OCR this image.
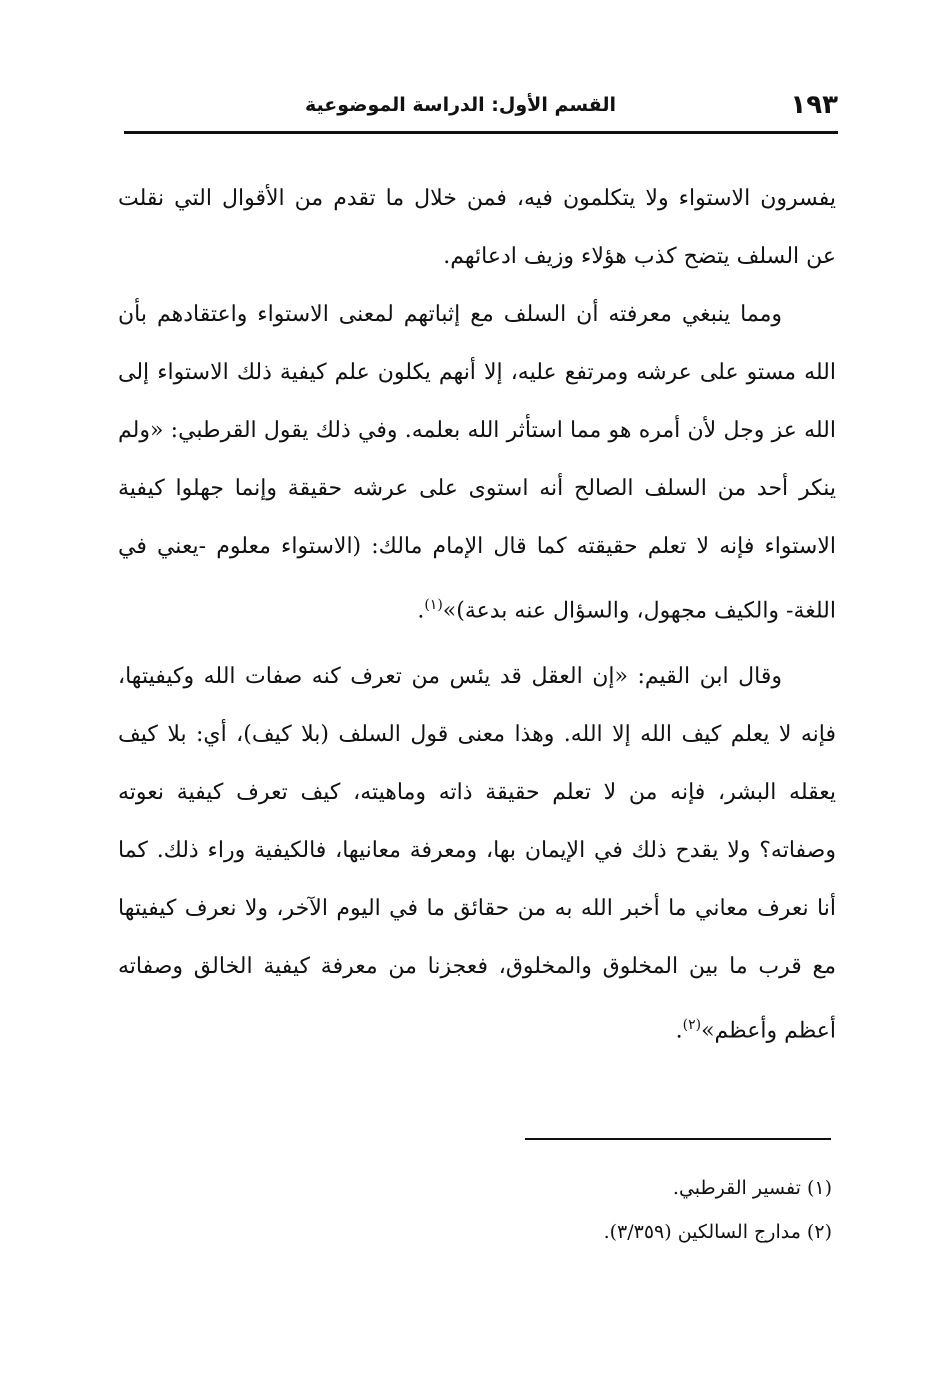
١٩٣
القسم الأول: الدراسة الموضوعية

يفسرون الاستواء ولا يتكلمون فيه، فمن خلال ما تقدم من الأقوال التي نقلت عن السلف يتضح كذب هؤلاء وزيف ادعائهم.

ومما ينبغي معرفته أن السلف مع إثباتهم لمعنى الاستواء واعتقادهم بأن الله مستو على عرشه ومرتفع عليه، إلا أنهم يكلون علم كيفية ذلك الاستواء إلى الله عز وجل لأن أمره هو مما استأثر الله بعلمه. وفي ذلك يقول القرطبي: «ولم ينكر أحد من السلف الصالح أنه استوى على عرشه حقيقة وإنما جهلوا كيفية الاستواء فإنه لا تعلم حقيقته كما قال الإمام مالك: (الاستواء معلوم -يعني في اللغة- والكيف مجهول، والسؤال عنه بدعة)»$^{(١)}$.

وقال ابن القيم: «إن العقل قد يئس من تعرف كنه صفات الله وكيفيتها، فإنه لا يعلم كيف الله إلا الله. وهذا معنى قول السلف (بلا كيف)، أي: بلا كيف يعقله البشر، فإنه من لا تعلم حقيقة ذاته وماهيته، كيف تعرف كيفية نعوته وصفاته؟ ولا يقدح ذلك في الإيمان بها، ومعرفة معانيها، فالكيفية وراء ذلك. كما أنا نعرف معاني ما أخبر الله به من حقائق ما في اليوم الآخر، ولا نعرف كيفيتها مع قرب ما بين المخلوق والمخلوق، فعجزنا من معرفة كيفية الخالق وصفاته أعظم وأعظم»$^{(٢)}$.

(١) تفسير القرطبي.

(٢) مدارج السالكين (٣/٣٥٩).
